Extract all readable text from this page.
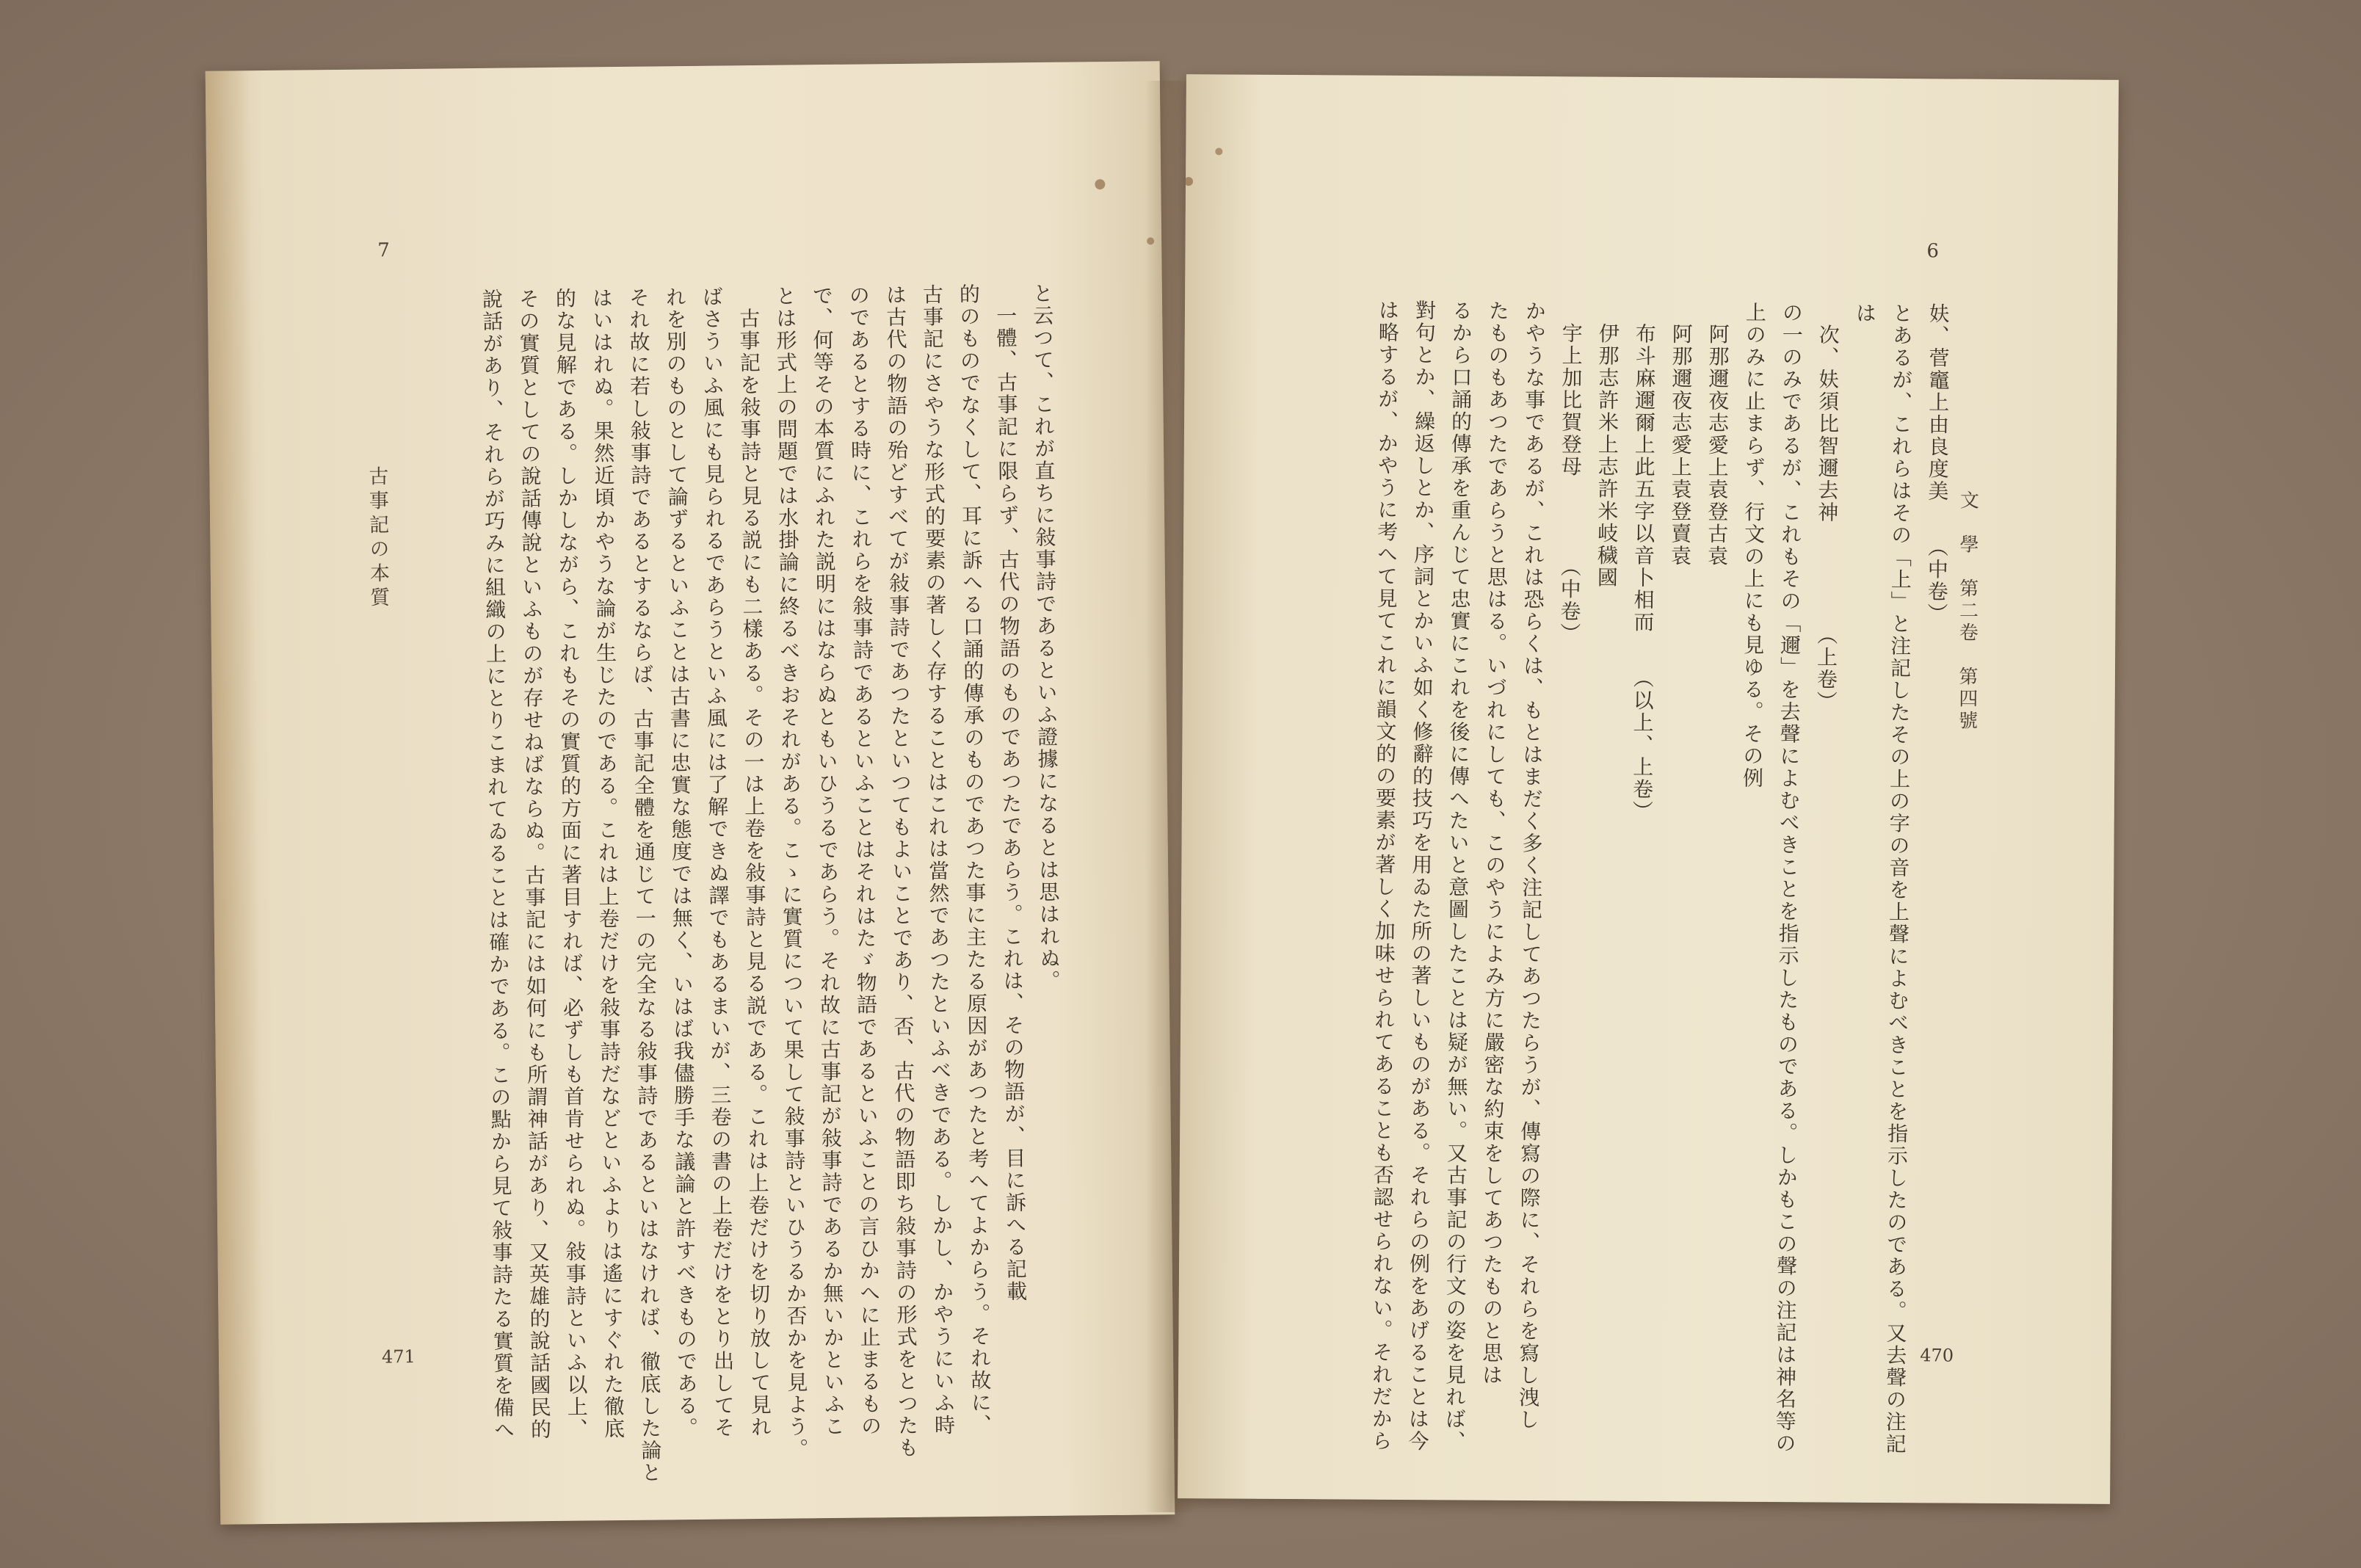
7
古事記の本質
471
と云つて、これが直ちに敍事詩であるといふ證據になるとは思はれぬ。
一體、古事記に限らず、古代の物語のものであつたであらう。これは、その物語が、目に訴へる記載
的のものでなくして、耳に訴へる口誦的傳承のものであつた事に主たる原因があつたと考へてよからう。それ故に、
古事記にさやうな形式的要素の著しく存することはこれは當然であつたといふべきである。しかし、かやうにいふ時
は古代の物語の殆どすべてが敍事詩であつたといつてもよいことであり、否、古代の物語即ち敍事詩の形式をとつたも
のであるとする時に、これらを敍事詩であるといふことはそれはたゞ物語であるといふことの言ひかへに止まるもの
で、何等その本質にふれた説明にはならぬともいひうるであらう。それ故に古事記が敍事詩であるか無いかといふこ
とは形式上の問題では水掛論に終るべきおそれがある。こゝに實質について果して敍事詩といひうるか否かを見よう。
古事記を敍事詩と見る説にも二樣ある。その一は上卷を敍事詩と見る説である。これは上卷だけを切り放して見れ
ばさういふ風にも見られるであらうといふ風には了解できぬ譯でもあるまいが、三卷の書の上卷だけをとり出してそ
れを別のものとして論ずるといふことは古書に忠實な態度では無く、いはば我儘勝手な議論と許すべきものである。
それ故に若し敍事詩であるとするならば、古事記全體を通じて一の完全なる敍事詩であるといはなければ、徹底した論と
はいはれぬ。果然近頃かやうな論が生じたのである。これは上卷だけを敍事詩だなどといふよりは遙にすぐれた徹底
的な見解である。しかしながら、これもその實質的方面に著目すれば、必ずしも首肯せられぬ。敍事詩といふ以上、
その實質としての說話傳說といふものが存せねばならぬ。古事記には如何にも所謂神話があり、又英雄的說話國民的
說話があり、それらが巧みに組織の上にとりこまれてゐることは確かである。この點から見て敍事詩たる實質を備へ
6
文　學　第二卷　第四號
470

妋、菅竈上由良度美　　（中卷）
とあるが、これらはその「上」と注記したその上の字の音を上聲によむべきことを指示したのである。又去聲の注記
は
次、妋須比智邇去神　　　　　（上卷）
の一のみであるが、これもその「邇」を去聲によむべきことを指示したものである。しかもこの聲の注記は神名等の
上のみに止まらず、行文の上にも見ゆる。その例
阿那邇夜志愛上袁登古袁
阿那邇夜志愛上袁登賣袁
布斗麻邇爾上此五字以音卜相而　　（以上、上卷）
伊那志許米上志許米岐穢國
宇上加比賀登母　　　　（中卷）
かやうな事であるが、これは恐らくは、もとはまだく多く注記してあつたらうが、傳寫の際に、それらを寫し洩し
たものもあつたであらうと思はる。いづれにしても、このやうによみ方に嚴密な約束をしてあつたものと思は
るから口誦的傳承を重んじて忠實にこれを後に傳へたいと意圖したことは疑が無い。又古事記の行文の姿を見れば、
對句とか、繰返しとか、序詞とかいふ如く修辭的技巧を用ゐた所の著しいものがある。それらの例をあげることは今
は略するが、かやうに考へて見てこれに韻文的の要素が著しく加味せられてあることも否認せられない。それだから
